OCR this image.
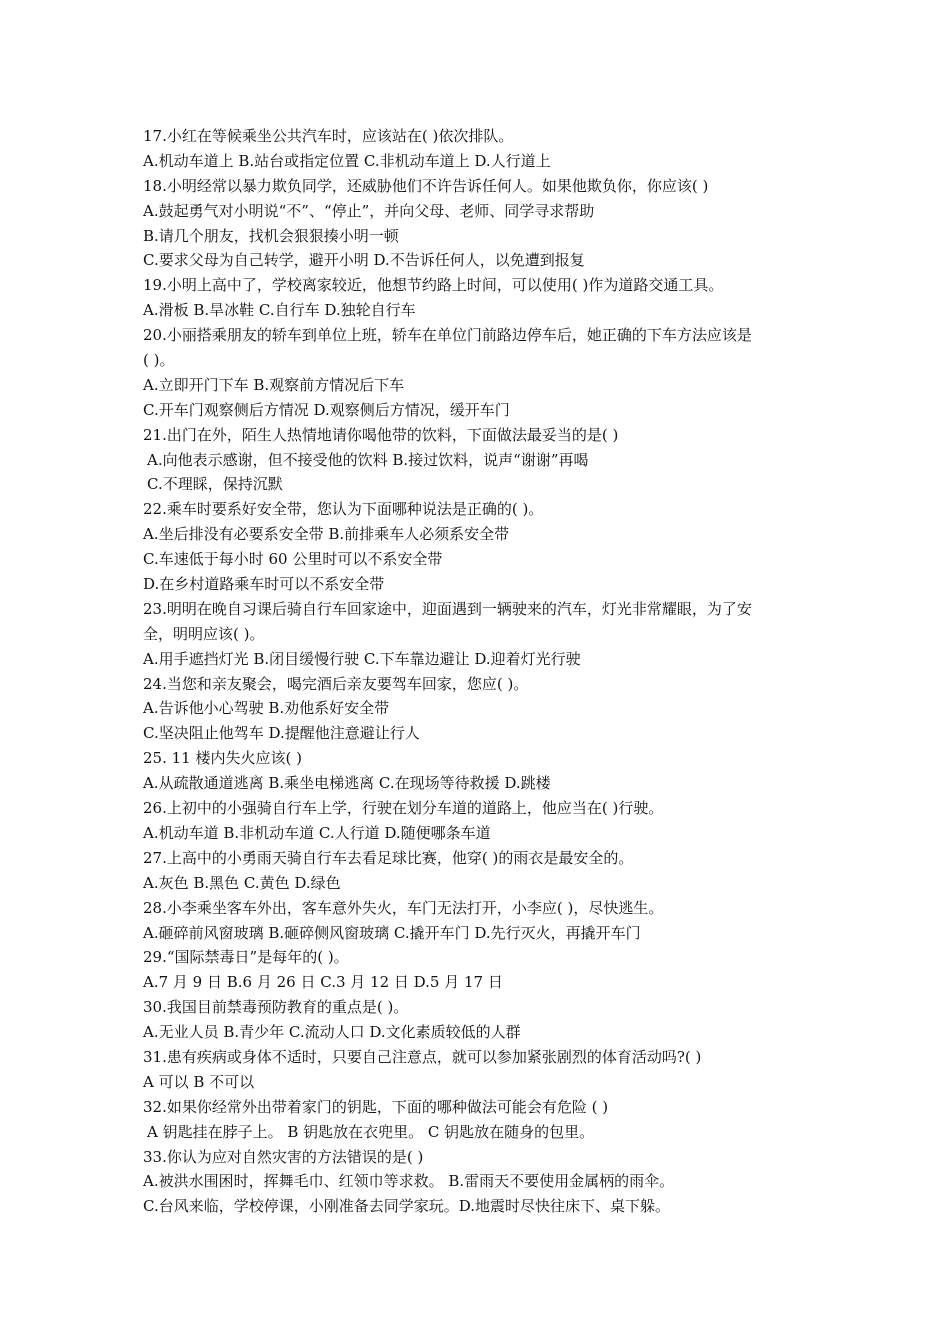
17.小红在等候乘坐公共汽车时，应该站在( )依次排队。
A.机动车道上 B.站台或指定位置 C.非机动车道上 D.人行道上
18.小明经常以暴力欺负同学，还威胁他们不许告诉任何人。如果他欺负你，你应该( )
A.鼓起勇气对小明说“不”、“停止”，并向父母、老师、同学寻求帮助
B.请几个朋友，找机会狠狠揍小明一顿
C.要求父母为自己转学，避开小明 D.不告诉任何人，以免遭到报复
19.小明上高中了，学校离家较近，他想节约路上时间，可以使用( )作为道路交通工具。
A.滑板 B.旱冰鞋 C.自行车 D.独轮自行车
20.小丽搭乘朋友的轿车到单位上班，轿车在单位门前路边停车后，她正确的下车方法应该是
( )。
A.立即开门下车 B.观察前方情况后下车
C.开车门观察侧后方情况 D.观察侧后方情况，缓开车门
21.出门在外，陌生人热情地请你喝他带的饮料，下面做法最妥当的是( )
A.向他表示感谢，但不接受他的饮料 B.接过饮料，说声“谢谢”再喝
C.不理睬，保持沉默
22.乘车时要系好安全带，您认为下面哪种说法是正确的( )。
A.坐后排没有必要系安全带 B.前排乘车人必须系安全带
C.车速低于每小时 60 公里时可以不系安全带
D.在乡村道路乘车时可以不系安全带
23.明明在晚自习课后骑自行车回家途中，迎面遇到一辆驶来的汽车，灯光非常耀眼，为了安
全，明明应该( )。
A.用手遮挡灯光 B.闭目缓慢行驶 C.下车靠边避让 D.迎着灯光行驶
24.当您和亲友聚会，喝完酒后亲友要驾车回家，您应( )。
A.告诉他小心驾驶 B.劝他系好安全带
C.坚决阻止他驾车 D.提醒他注意避让行人
25. 11 楼内失火应该( )
A.从疏散通道逃离 B.乘坐电梯逃离 C.在现场等待救援 D.跳楼
26.上初中的小强骑自行车上学，行驶在划分车道的道路上，他应当在( )行驶。
A.机动车道 B.非机动车道 C.人行道 D.随便哪条车道
27.上高中的小勇雨天骑自行车去看足球比赛，他穿( )的雨衣是最安全的。
A.灰色 B.黑色 C.黄色 D.绿色
28.小李乘坐客车外出，客车意外失火，车门无法打开，小李应( )，尽快逃生。
A.砸碎前风窗玻璃 B.砸碎侧风窗玻璃 C.撬开车门 D.先行灭火，再撬开车门
29.“国际禁毒日”是每年的( )。
A.7 月 9 日 B.6 月 26 日 C.3 月 12 日 D.5 月 17 日
30.我国目前禁毒预防教育的重点是( )。
A.无业人员 B.青少年 C.流动人口 D.文化素质较低的人群
31.患有疾病或身体不适时，只要自己注意点，就可以参加紧张剧烈的体育活动吗?( )
A 可以 B 不可以
32.如果你经常外出带着家门的钥匙，下面的哪种做法可能会有危险 ( )
A 钥匙挂在脖子上。 B 钥匙放在衣兜里。 C 钥匙放在随身的包里。
33.你认为应对自然灾害的方法错误的是( )
A.被洪水围困时，挥舞毛巾、红领巾等求救。 B.雷雨天不要使用金属柄的雨伞。
C.台风来临，学校停课，小刚准备去同学家玩。D.地震时尽快往床下、桌下躲。
